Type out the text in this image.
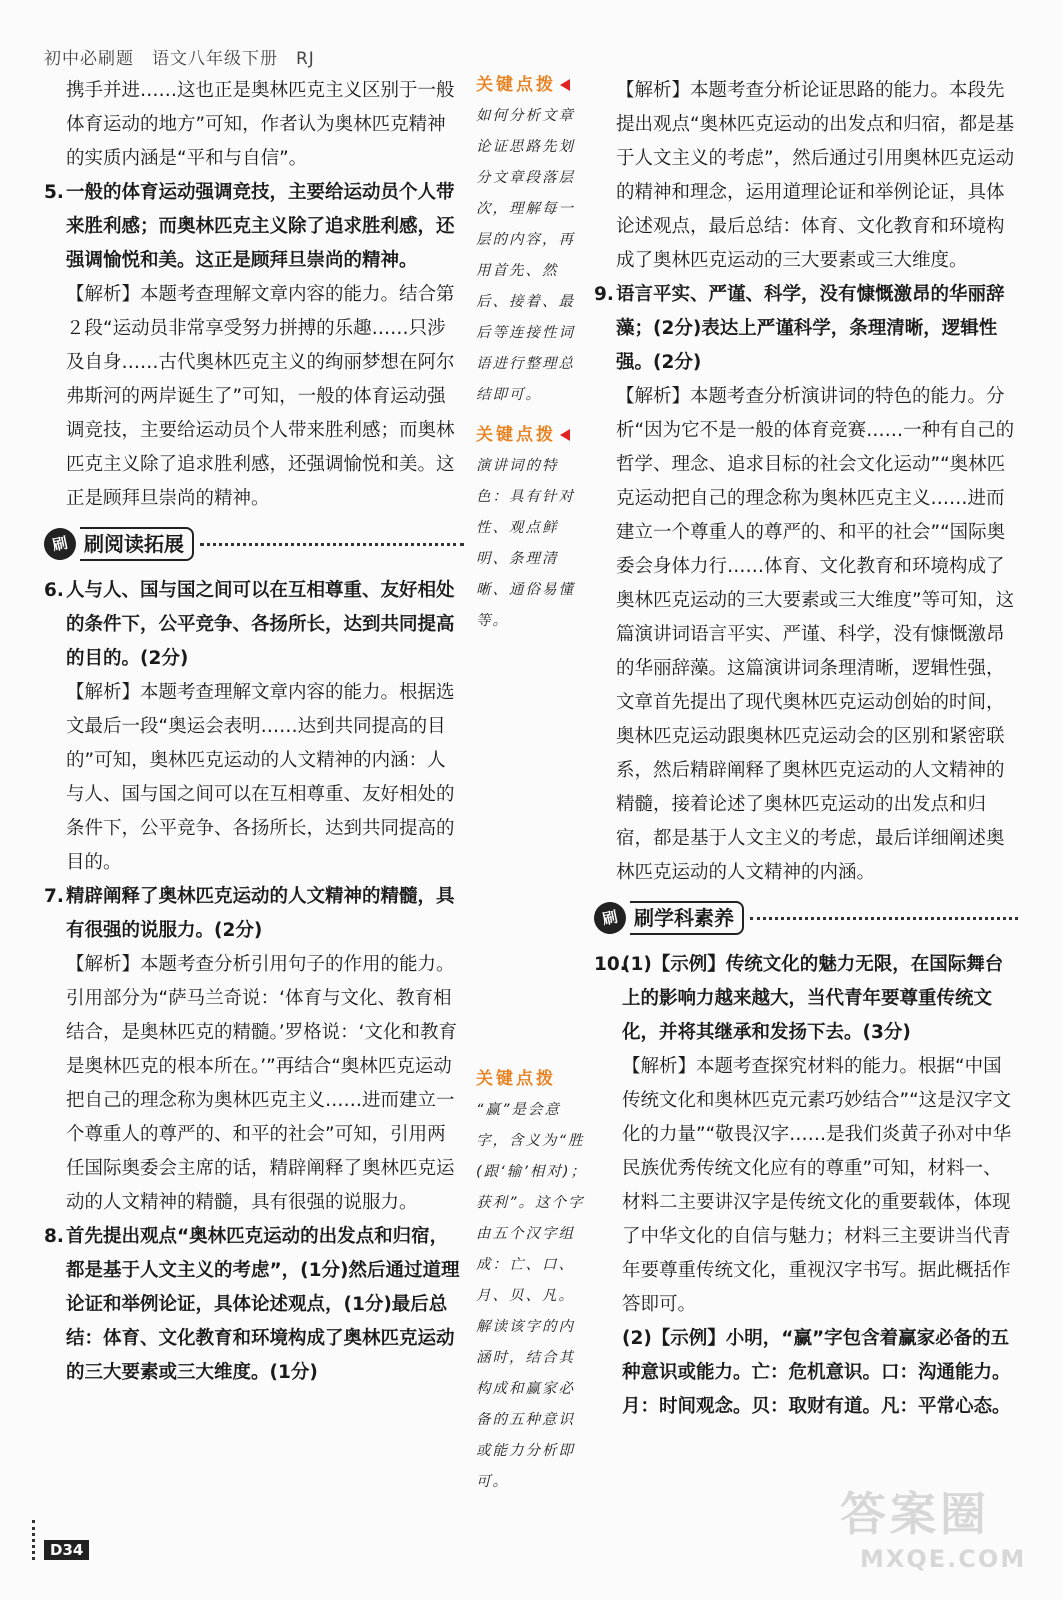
初中必刷题　语文八年级下册　RJ

携手并进……这也正是奥林匹克主义区别于一般体育运动的地方”可知，作者认为奥林匹克精神的实质内涵是“平和与自信”。

5. 一般的体育运动强调竞技，主要给运动员个人带来胜利感；而奥林匹克主义除了追求胜利感，还强调愉悦和美。这正是顾拜旦崇尚的精神。

【解析】本题考查理解文章内容的能力。结合第２段“运动员非常享受努力拼搏的乐趣……只涉及自身……古代奥林匹克主义的绚丽梦想在阿尔弗斯河的两岸诞生了”可知，一般的体育运动强调竞技，主要给运动员个人带来胜利感；而奥林匹克主义除了追求胜利感，还强调愉悦和美。这正是顾拜旦崇尚的精神。

刷 刷阅读拓展

6. 人与人、国与国之间可以在互相尊重、友好相处的条件下，公平竞争、各扬所长，达到共同提高的目的。(2分)

【解析】本题考查理解文章内容的能力。根据选文最后一段“奥运会表明……达到共同提高的目的”可知，奥林匹克运动的人文精神的内涵：人与人、国与国之间可以在互相尊重、友好相处的条件下，公平竞争、各扬所长，达到共同提高的目的。

7. 精辟阐释了奥林匹克运动的人文精神的精髓，具有很强的说服力。(2分)

【解析】本题考查分析引用句子的作用的能力。引用部分为“萨马兰奇说：‘体育与文化、教育相结合，是奥林匹克的精髓。’罗格说：‘文化和教育是奥林匹克的根本所在。’”再结合“奥林匹克运动把自己的理念称为奥林匹克主义……进而建立一个尊重人的尊严的、和平的社会”可知，引用两任国际奥委会主席的话，精辟阐释了奥林匹克运动的人文精神的精髓，具有很强的说服力。

8. 首先提出观点“奥林匹克运动的出发点和归宿，都是基于人文主义的考虑”，(1分)然后通过道理论证和举例论证，具体论述观点，(1分)最后总结：体育、文化教育和环境构成了奥林匹克运动的三大要素或三大维度。(1分)

关键点拨
如何分析文章论证思路先划分文章段落层次，理解每一层的内容，再用首先、然后、接着、最后等连接性词语进行整理总结即可。
关键点拨
演讲词的特色：具有针对性、观点鲜明、条理清晰、通俗易懂等。
关键点拨
“赢”是会意字，含义为“胜(跟‘输’相对)；获利”。这个字由五个汉字组成：亡、口、月、贝、凡。解读该字的内涵时，结合其构成和赢家必备的五种意识或能力分析即可。

【解析】本题考查分析论证思路的能力。本段先提出观点“奥林匹克运动的出发点和归宿，都是基于人文主义的考虑”，然后通过引用奥林匹克运动的精神和理念，运用道理论证和举例论证，具体论述观点，最后总结：体育、文化教育和环境构成了奥林匹克运动的三大要素或三大维度。

9. 语言平实、严谨、科学，没有慷慨激昂的华丽辞藻；(2分)表达上严谨科学，条理清晰，逻辑性强。(2分)

【解析】本题考查分析演讲词的特色的能力。分析“因为它不是一般的体育竞赛……一种有自己的哲学、理念、追求目标的社会文化运动”“奥林匹克运动把自己的理念称为奥林匹克主义……进而建立一个尊重人的尊严的、和平的社会”“国际奥委会身体力行……体育、文化教育和环境构成了奥林匹克运动的三大要素或三大维度”等可知，这篇演讲词语言平实、严谨、科学，没有慷慨激昂的华丽辞藻。这篇演讲词条理清晰，逻辑性强，文章首先提出了现代奥林匹克运动创始的时间，奥林匹克运动跟奥林匹克运动会的区别和紧密联系，然后精辟阐释了奥林匹克运动的人文精神的精髓，接着论述了奥林匹克运动的出发点和归宿，都是基于人文主义的考虑，最后详细阐述奥林匹克运动的人文精神的内涵。

刷 刷学科素养

10.(1)【示例】传统文化的魅力无限，在国际舞台上的影响力越来越大，当代青年要尊重传统文化，并将其继承和发扬下去。(3分)

【解析】本题考查探究材料的能力。根据“中国传统文化和奥林匹克元素巧妙结合”“这是汉字文化的力量”“敬畏汉字……是我们炎黄子孙对中华民族优秀传统文化应有的尊重”可知，材料一、材料二主要讲汉字是传统文化的重要载体，体现了中华文化的自信与魅力；材料三主要讲当代青年要尊重传统文化，重视汉字书写。据此概括作答即可。

(2)【示例】小明，“赢”字包含着赢家必备的五种意识或能力。亡：危机意识。口：沟通能力。月：时间观念。贝：取财有道。凡：平常心态。

D34
答案圈
MXQE.COM
